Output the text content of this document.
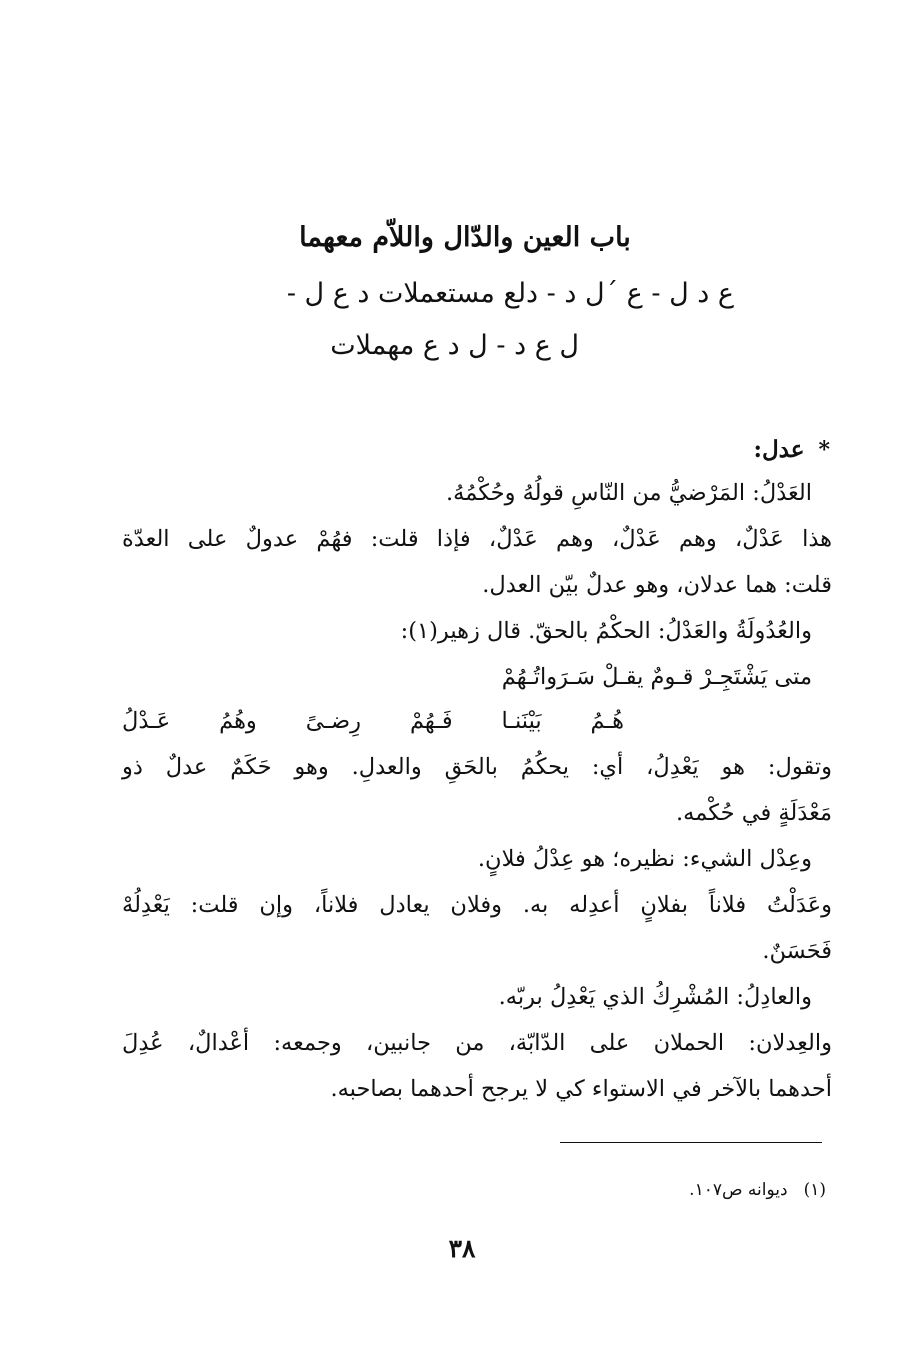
باب العين والدّال واللاّم معهما
ع د ل - ع ´ل د - دلع مستعملات د ع ل -
ل ع د - ل د ع مهملات
*عدل:
العَدْلُ: المَرْضيُّ من النّاسِ قولُهُ وحُكْمُهُ.
هذا عَدْلٌ، وهم عَدْلٌ، وهم عَدْلٌ، فإذا قلت: فهُمْ عدولٌ على العدّة
قلت: هما عدلان، وهو عدلٌ بيّن العدل.
والعُدُولَةُ والعَدْلُ: الحكْمُ بالحقّ. قال زهير(١):
متى يَشْتَجِـرْ قـومٌ يقـلْ سَـرَواتُـهُمْ
هُـمُ بَيْنَنـا فَـهُمْ رِضـىً وهُمُ عَـدْلُ
وتقول: هو يَعْدِلُ، أي: يحكُمُ بالحَقِ والعدلِ. وهو حَكَمٌ عدلٌ ذو
مَعْدَلَةٍ في حُكْمه.
وعِدْل الشيء: نظيره؛ هو عِدْلُ فلانٍ.
وعَدَلْتُ فلاناً بفلانٍ أعدِله به. وفلان يعادل فلاناً، وإن قلت: يَعْدِلُهْ
فَحَسَنٌ.
والعادِلُ: المُشْرِكُ الذي يَعْدِلُ بربّه.
والعِدلان: الحملان على الدّابّة، من جانبين، وجمعه: أعْدالٌ، عُدِلَ
أحدهما بالآخر في الاستواء كي لا يرجح أحدهما بصاحبه.
(١)ديوانه ص١٠٧.
٣٨
